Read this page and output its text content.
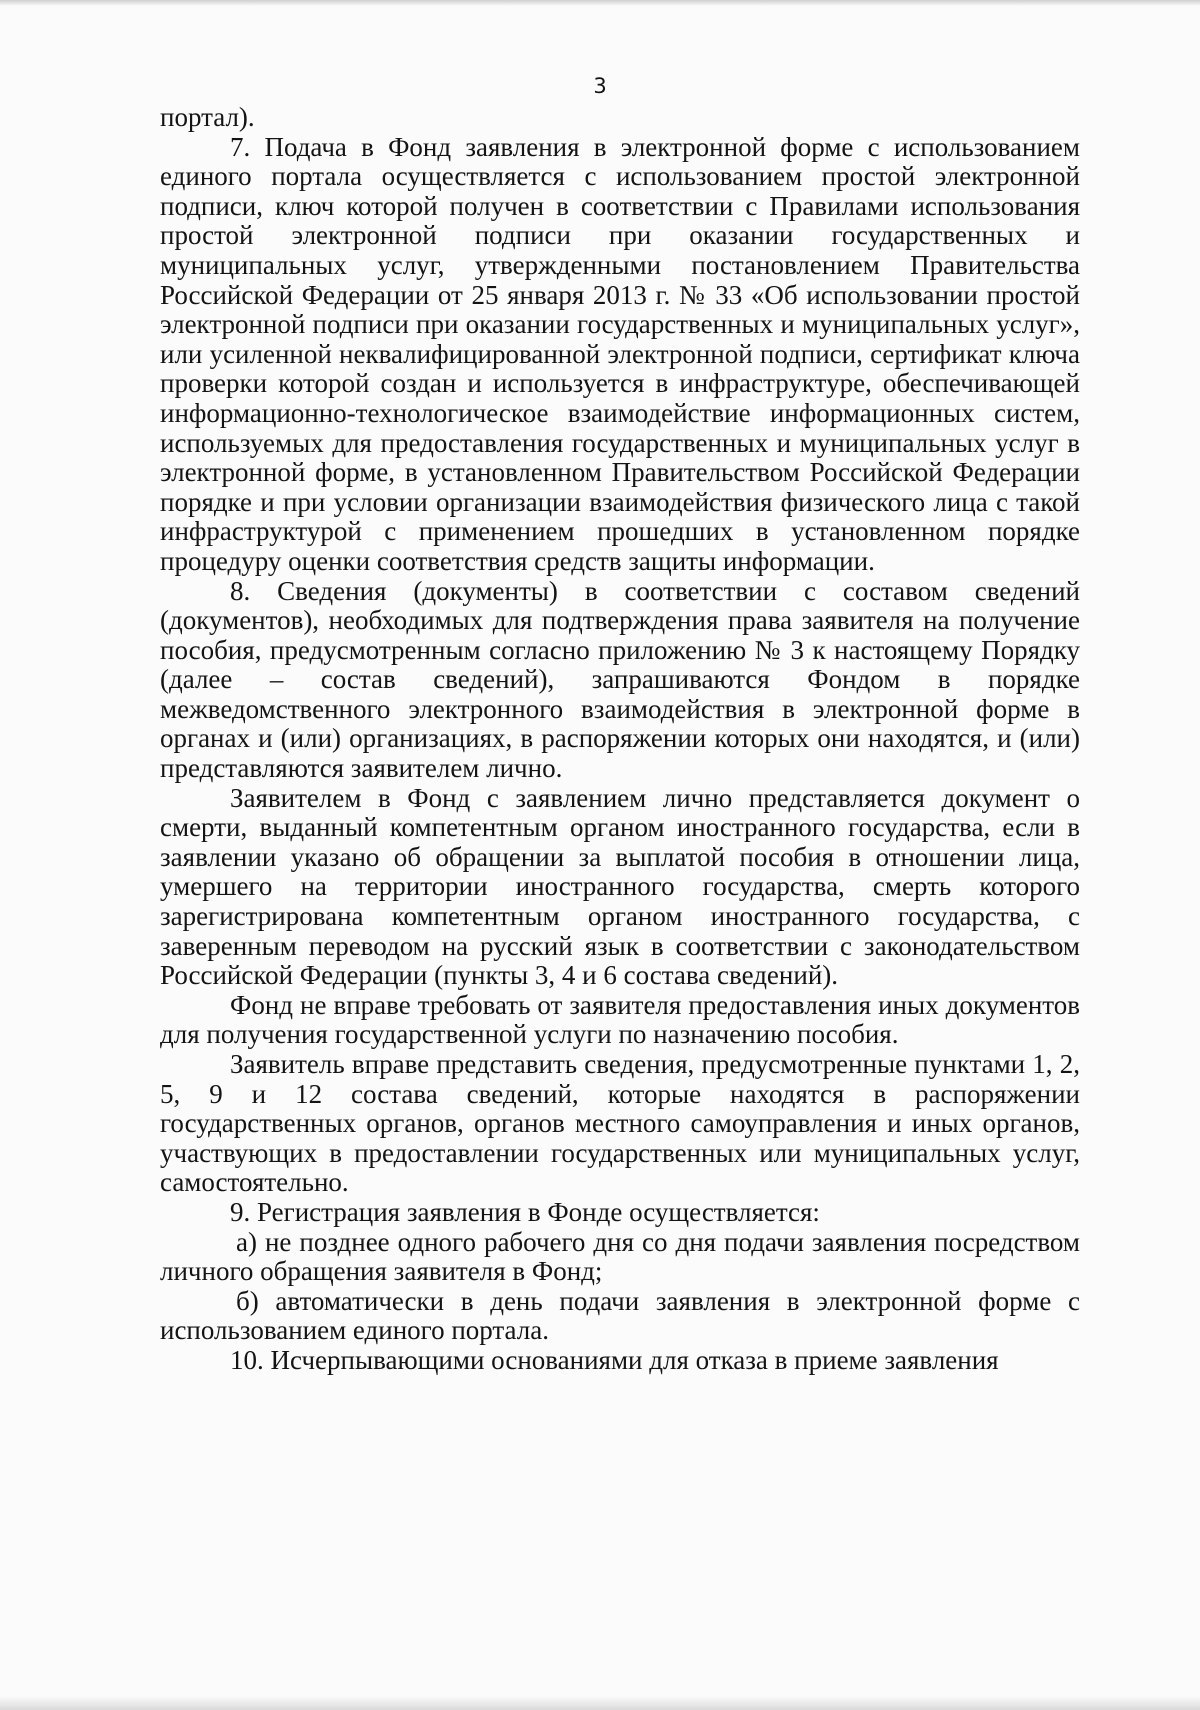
3

портал).

7. Подача в Фонд заявления в электронной форме с использованием единого портала осуществляется с использованием простой электронной подписи, ключ которой получен в соответствии с Правилами использования простой электронной подписи при оказании государственных и муниципальных услуг, утвержденными постановлением Правительства Российской Федерации от 25 января 2013 г. № 33 «Об использовании простой электронной подписи при оказании государственных и муниципальных услуг», или усиленной неквалифицированной электронной подписи, сертификат ключа проверки которой создан и используется в инфраструктуре, обеспечивающей информационно-технологическое взаимодействие информационных систем, используемых для предоставления государственных и муниципальных услуг в электронной форме, в установленном Правительством Российской Федерации порядке и при условии организации взаимодействия физического лица с такой инфраструктурой с применением прошедших в установленном порядке процедуру оценки соответствия средств защиты информации.

8. Сведения (документы) в соответствии с составом сведений (документов), необходимых для подтверждения права заявителя на получение пособия, предусмотренным согласно приложению № 3 к настоящему Порядку (далее – состав сведений), запрашиваются Фондом в порядке межведомственного электронного взаимодействия в электронной форме в органах и (или) организациях, в распоряжении которых они находятся, и (или) представляются заявителем лично.

Заявителем в Фонд с заявлением лично представляется документ о смерти, выданный компетентным органом иностранного государства, если в заявлении указано об обращении за выплатой пособия в отношении лица, умершего на территории иностранного государства, смерть которого зарегистрирована компетентным органом иностранного государства, с заверенным переводом на русский язык в соответствии с законодательством Российской Федерации (пункты 3, 4 и 6 состава сведений).

Фонд не вправе требовать от заявителя предоставления иных документов для получения государственной услуги по назначению пособия.

Заявитель вправе представить сведения, предусмотренные пунктами 1, 2, 5, 9 и 12 состава сведений, которые находятся в распоряжении государственных органов, органов местного самоуправления и иных органов, участвующих в предоставлении государственных или муниципальных услуг, самостоятельно.

9. Регистрация заявления в Фонде осуществляется:

а) не позднее одного рабочего дня со дня подачи заявления посредством личного обращения заявителя в Фонд;

б) автоматически в день подачи заявления в электронной форме с использованием единого портала.

10. Исчерпывающими основаниями для отказа в приеме заявления
